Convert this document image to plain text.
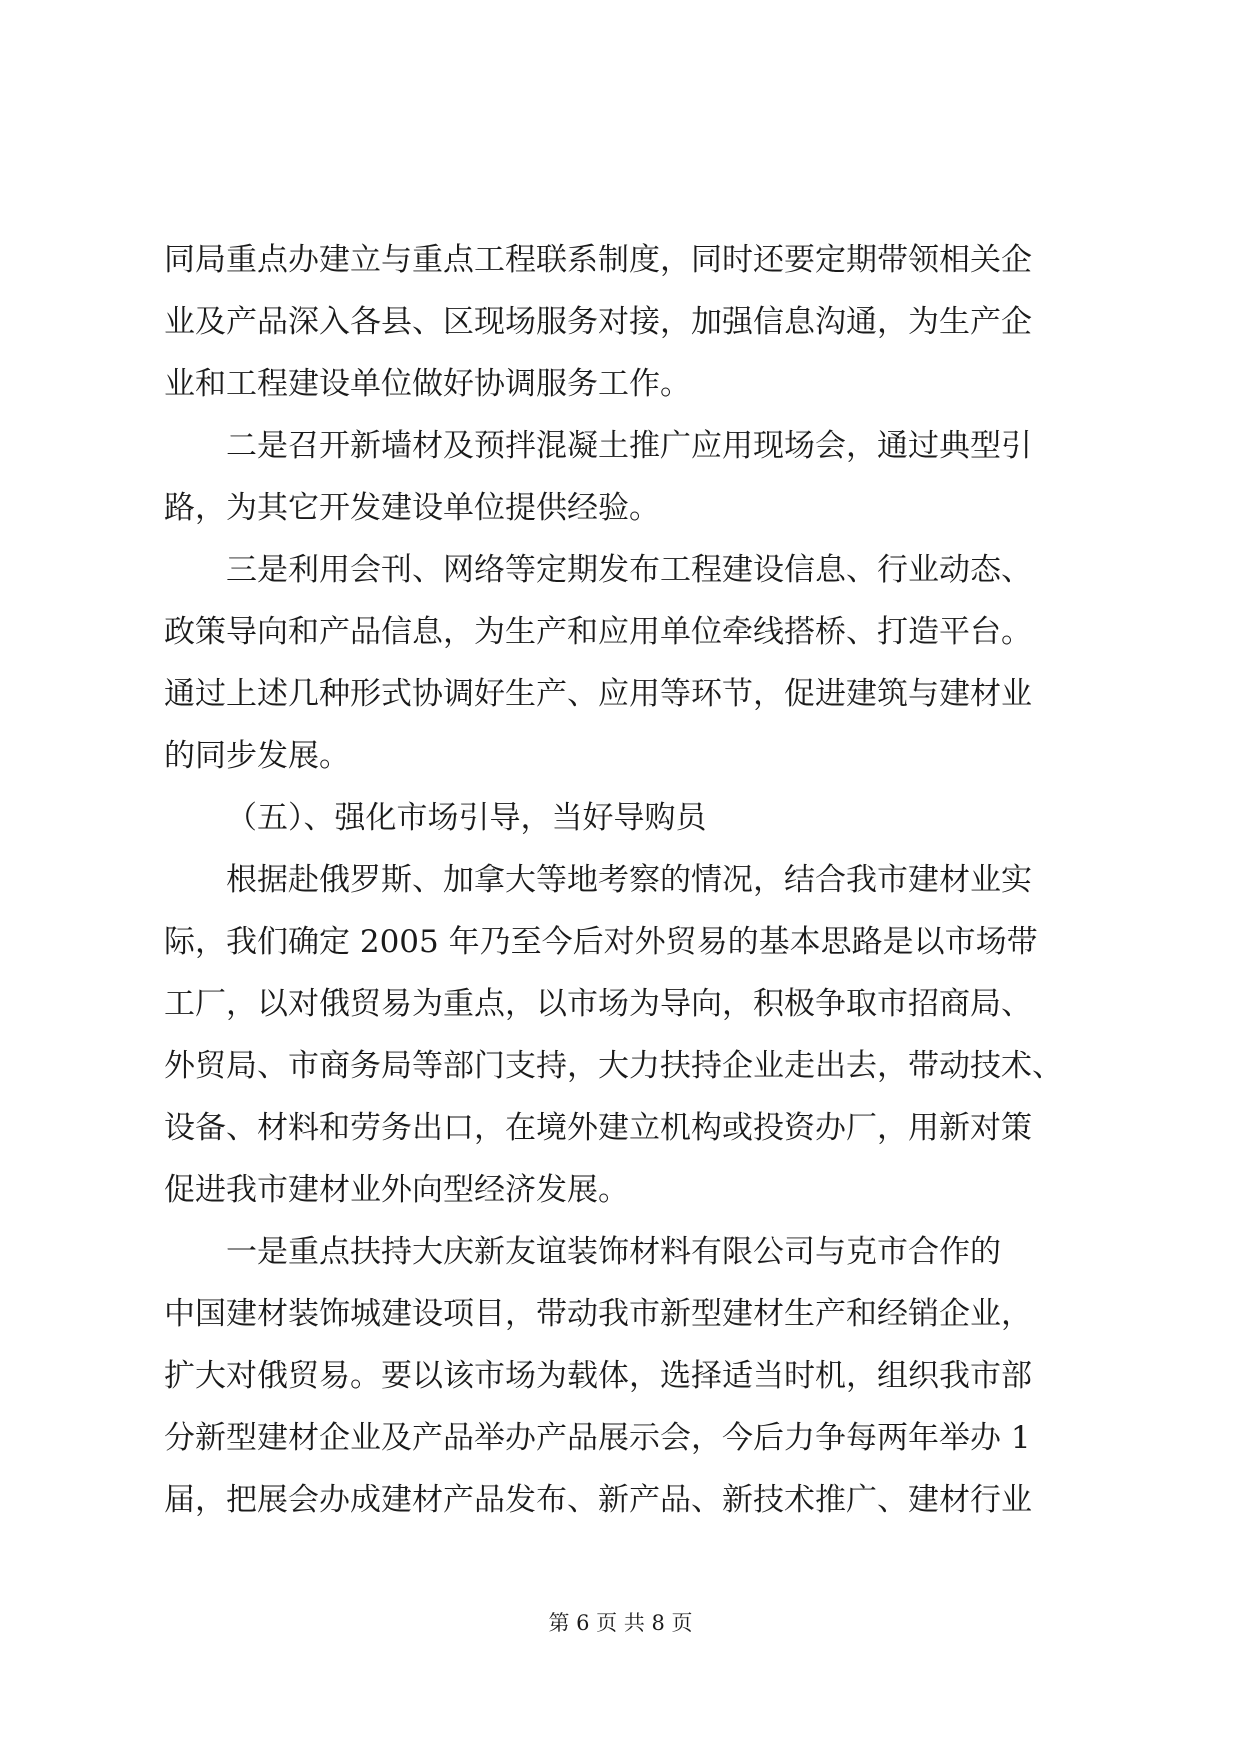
同局重点办建立与重点工程联系制度，同时还要定期带领相关企
业及产品深入各县、区现场服务对接，加强信息沟通，为生产企
业和工程建设单位做好协调服务工作。
二是召开新墙材及预拌混凝土推广应用现场会，通过典型引
路，为其它开发建设单位提供经验。
三是利用会刊、网络等定期发布工程建设信息、行业动态、
政策导向和产品信息，为生产和应用单位牵线搭桥、打造平台。
通过上述几种形式协调好生产、应用等环节，促进建筑与建材业
的同步发展。
（五）、强化市场引导，当好导购员
根据赴俄罗斯、加拿大等地考察的情况，结合我市建材业实
际，我们确定 2005 年乃至今后对外贸易的基本思路是以市场带
工厂，以对俄贸易为重点，以市场为导向，积极争取市招商局、
外贸局、市商务局等部门支持，大力扶持企业走出去，带动技术、
设备、材料和劳务出口，在境外建立机构或投资办厂，用新对策
促进我市建材业外向型经济发展。
一是重点扶持大庆新友谊装饰材料有限公司与克市合作的
中国建材装饰城建设项目，带动我市新型建材生产和经销企业，
扩大对俄贸易。要以该市场为载体，选择适当时机，组织我市部
分新型建材企业及产品举办产品展示会，今后力争每两年举办 1
届，把展会办成建材产品发布、新产品、新技术推广、建材行业
第 6 页 共 8 页
